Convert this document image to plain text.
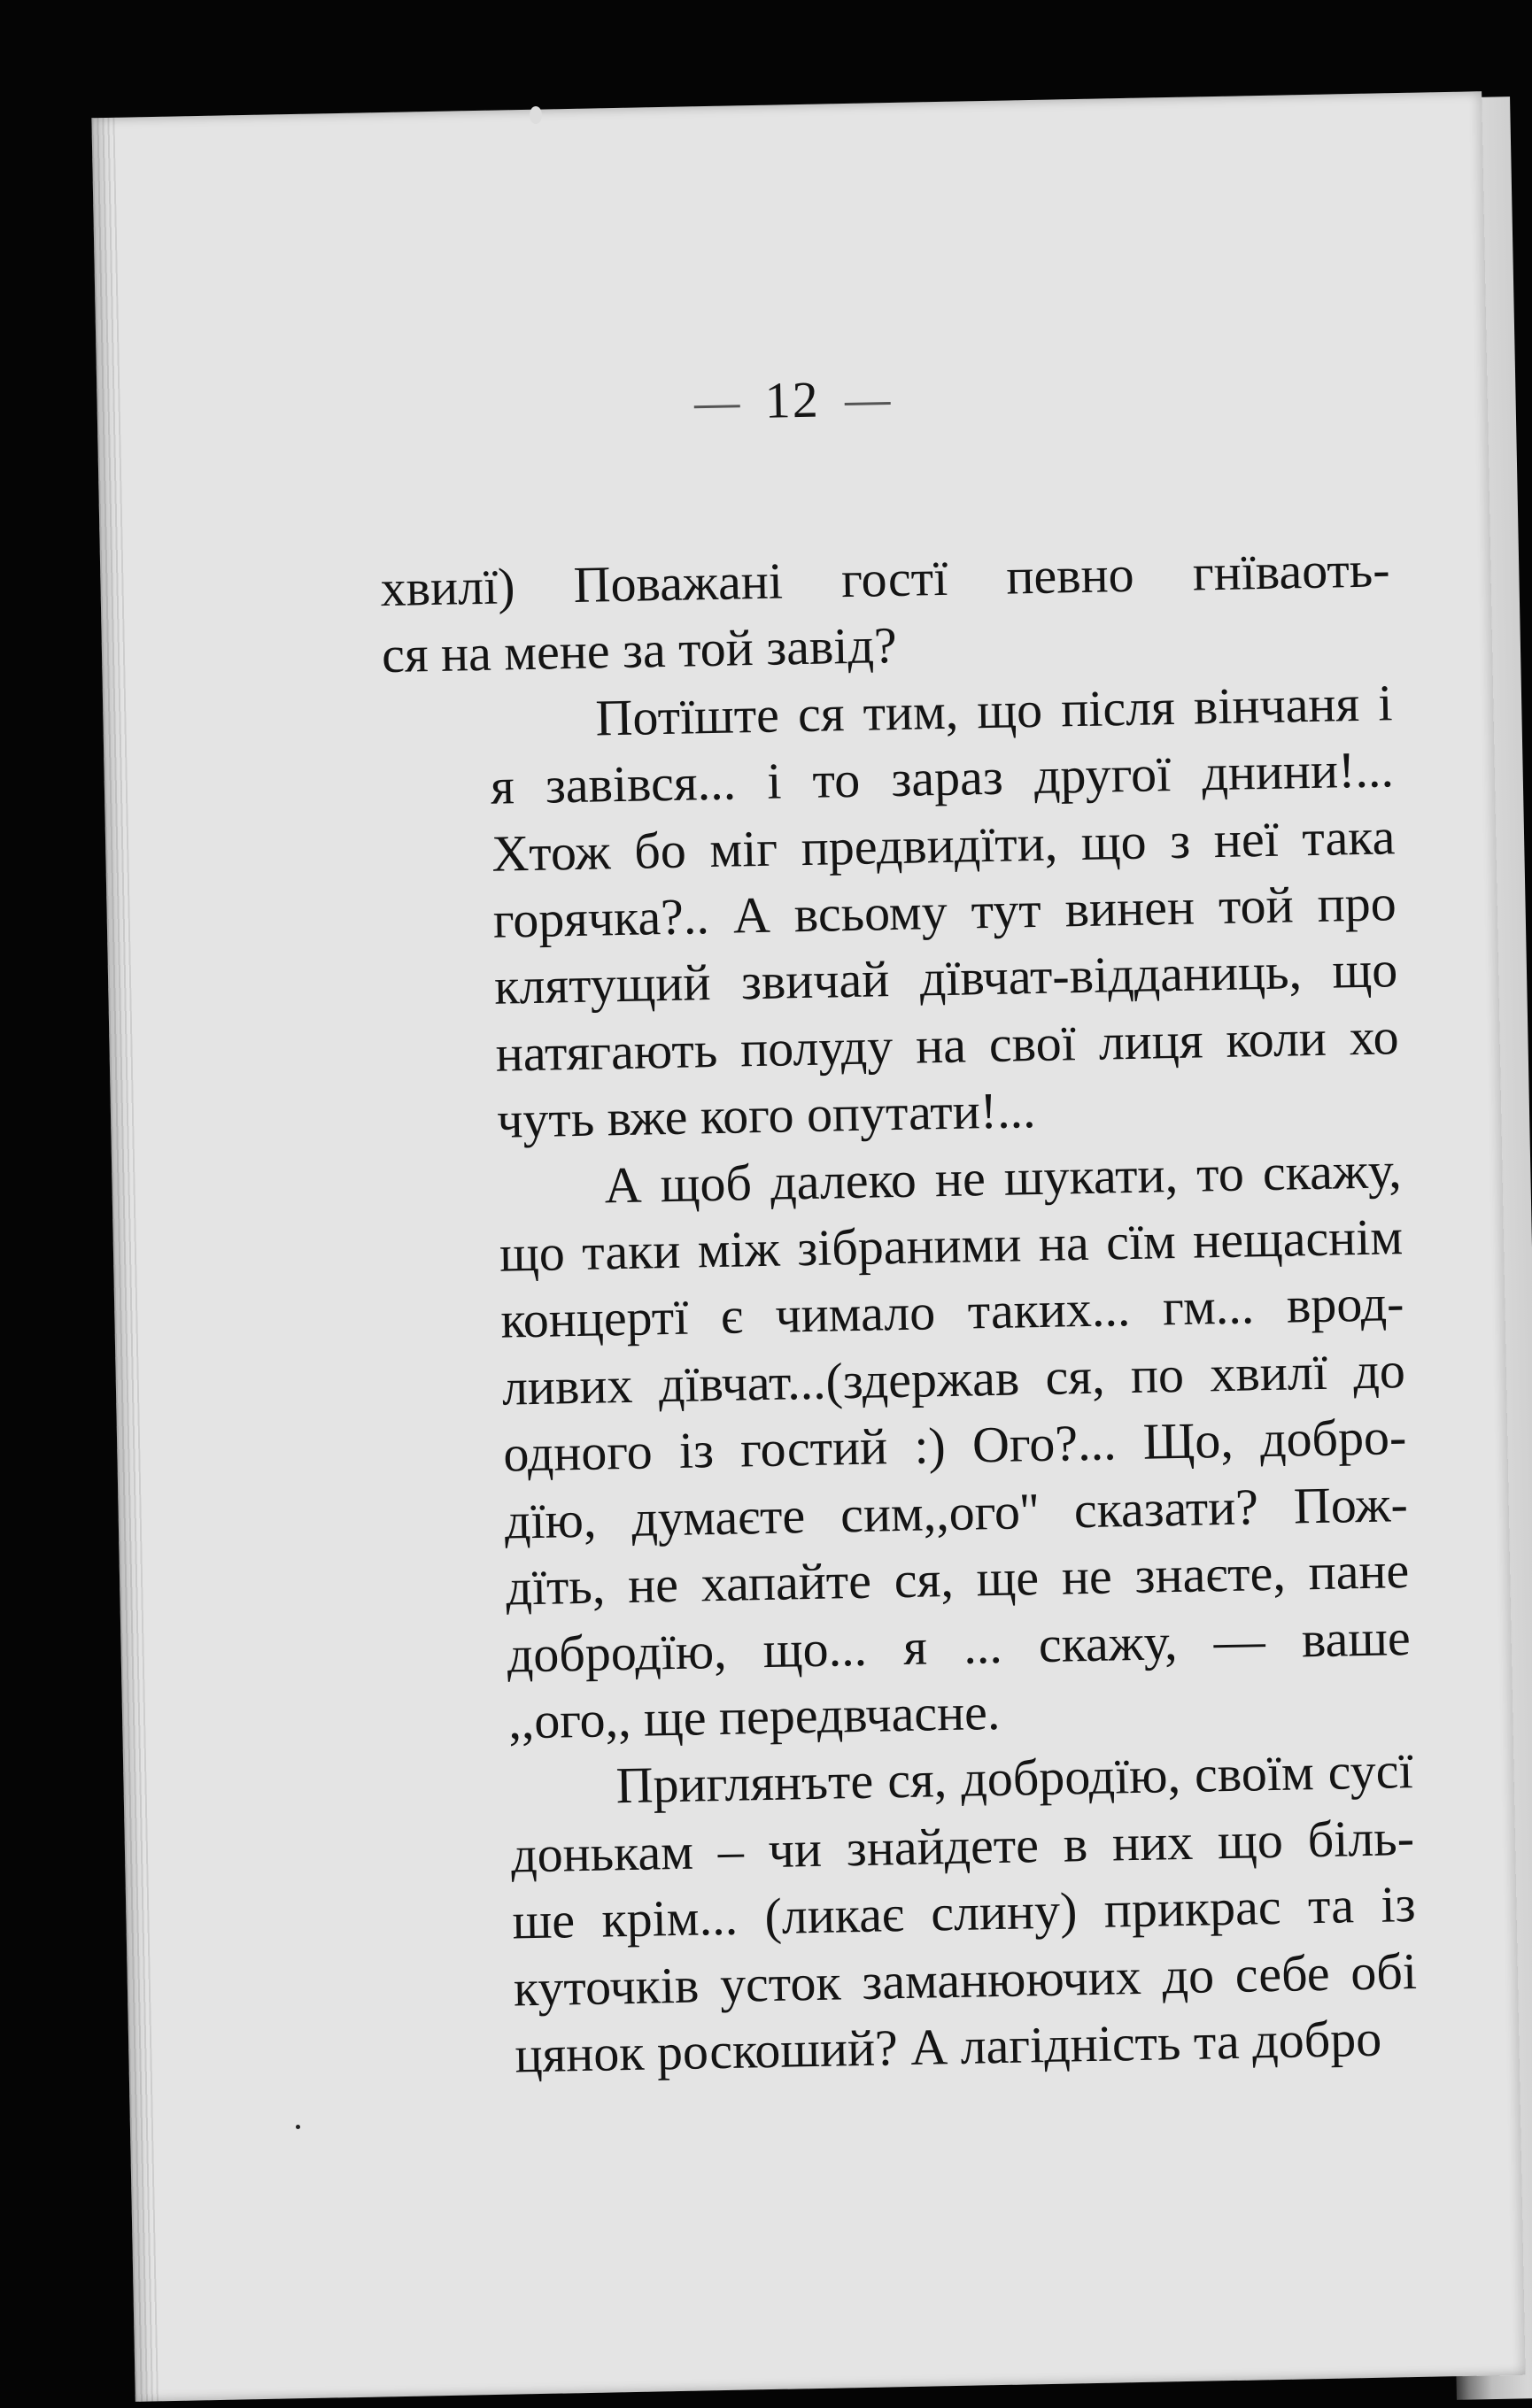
12

хвилї) Поважані гостї певно гнїваоть-
ся на мене за той завід?

Потїште ся тим, що після вінчаня і
я завівся... і то зараз другої днини!...
Хтож бо міг предвидїти, що з неї така
горячка?.. А всьому тут винен той про
клятущий звичай дївчат-відданиць, що
натягають полуду на свої лиця коли хо
чуть вже кого опутати!...

А щоб далеко не шукати, то скажу,
що таки між зібраними на сїм нещаснім
концертї є чимало таких... гм... врод-
ливих дївчат...(здержав ся, по хвилї до
одного із гостий :) Ого?... Що, добро-
дїю, думаєте сим,,ого'' сказати? Пож-
дїть, не хапайте ся, ще не знаєте, пане
добродїю, що... я ... скажу, — ваше
,,ого,, ще передвчасне.

Приглянъте ся, добродїю, своїм сусї
донькам – чи знайдете в них що біль-
ше крім... (ликає слину) прикрас та із
куточків усток заманюючих до себе обі
цянок роскоший? А лагідність та добро
